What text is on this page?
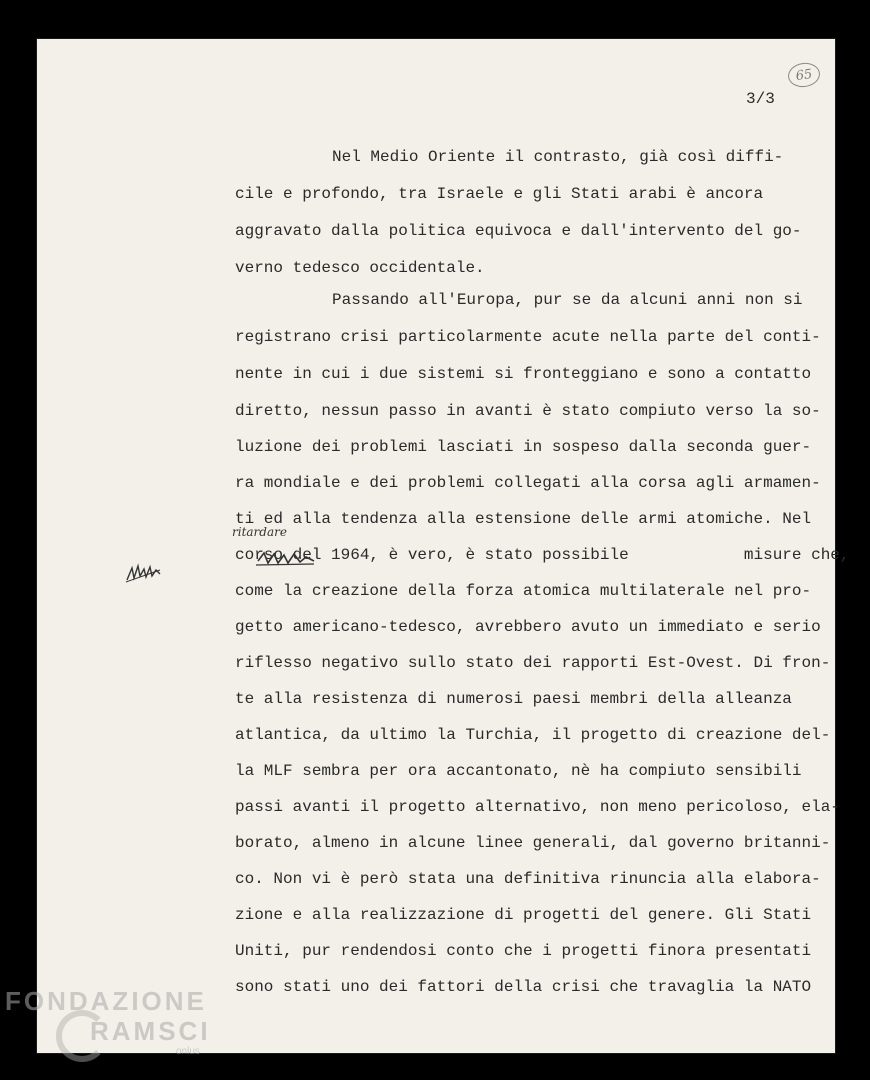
65
3/3
Nel Medio Oriente il contrasto, già così diffi-
cile e profondo, tra Israele e gli Stati arabi è ancora
aggravato dalla politica equivoca e dall'intervento del go-
verno tedesco occidentale.
Passando all'Europa, pur se da alcuni anni non si
registrano crisi particolarmente acute nella parte del conti-
nente in cui i due sistemi si fronteggiano e sono a contatto
diretto, nessun passo in avanti è stato compiuto verso la so-
luzione dei problemi lasciati in sospeso dalla seconda guer-
ra mondiale e dei problemi collegati alla corsa agli armamen-
ti ed alla tendenza alla estensione delle armi atomiche. Nel
corso del 1964, è vero, è stato possibile            misure che,
come la creazione della forza atomica multilaterale nel pro-
getto americano-tedesco, avrebbero avuto un immediato e serio
riflesso negativo sullo stato dei rapporti Est-Ovest. Di fron-
te alla resistenza di numerosi paesi membri della alleanza
atlantica, da ultimo la Turchia, il progetto di creazione del-
la MLF sembra per ora accantonato, nè ha compiuto sensibili
passi avanti il progetto alternativo, non meno pericoloso, ela-
borato, almeno in alcune linee generali, dal governo britanni-
co. Non vi è però stata una definitiva rinuncia alla elabora-
zione e alla realizzazione di progetti del genere. Gli Stati
Uniti, pur rendendosi conto che i progetti finora presentati
sono stati uno dei fattori della crisi che travaglia la NATO
ritardare
FONDAZIONE
RAMSCI
onlus
